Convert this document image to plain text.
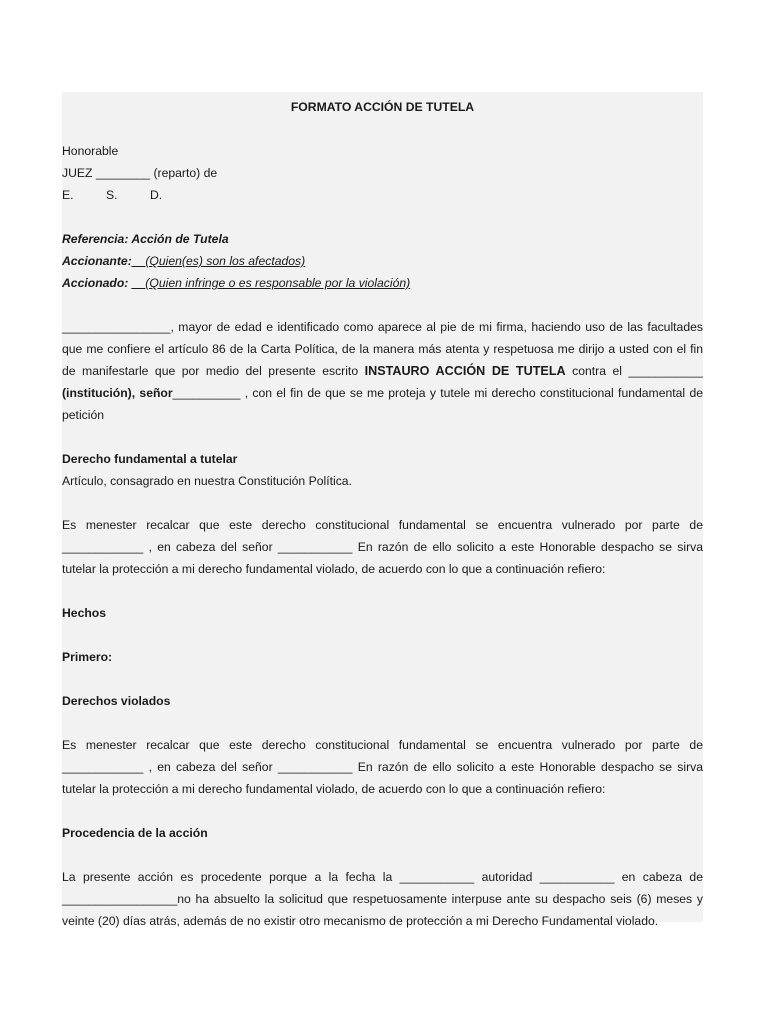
FORMATO ACCIÓN DE TUTELA

Honorable

JUEZ ________ (reparto) de

E.	S.	D.

Referencia: Acción de Tutela

Accionante:__(Quien(es) son los afectados)

Accionado: __(Quien infringe o es responsable por la violación)

________________, mayor de edad e identificado como aparece al pie de mi firma, haciendo uso de las facultades que me confiere el artículo 86 de la Carta Política, de la manera más atenta y respetuosa me dirijo a usted con el fin de manifestarle que por medio del presente escrito INSTAURO ACCIÓN DE TUTELA contra el ___________ (institución), señor__________ , con el fin de que se me proteja y tutele mi derecho constitucional fundamental de petición

Derecho fundamental a tutelar

Artículo, consagrado en nuestra Constitución Política.

Es menester recalcar que este derecho constitucional fundamental se encuentra vulnerado por parte de ____________ , en cabeza del señor ___________ En razón de ello solicito a este Honorable despacho se sirva tutelar la protección a mi derecho fundamental violado, de acuerdo con lo que a continuación refiero:

Hechos

Primero:

Derechos violados

Es menester recalcar que este derecho constitucional fundamental se encuentra vulnerado por parte de ____________ , en cabeza del señor ___________ En razón de ello solicito a este Honorable despacho se sirva tutelar la protección a mi derecho fundamental violado, de acuerdo con lo que a continuación refiero:

Procedencia de la acción

La presente acción es procedente porque a la fecha la ___________ autoridad ___________ en cabeza de _________________no ha absuelto la solicitud que respetuosamente interpuse ante su despacho seis (6) meses y veinte (20) días atrás, además de no existir otro mecanismo de protección a mi Derecho Fundamental violado.
